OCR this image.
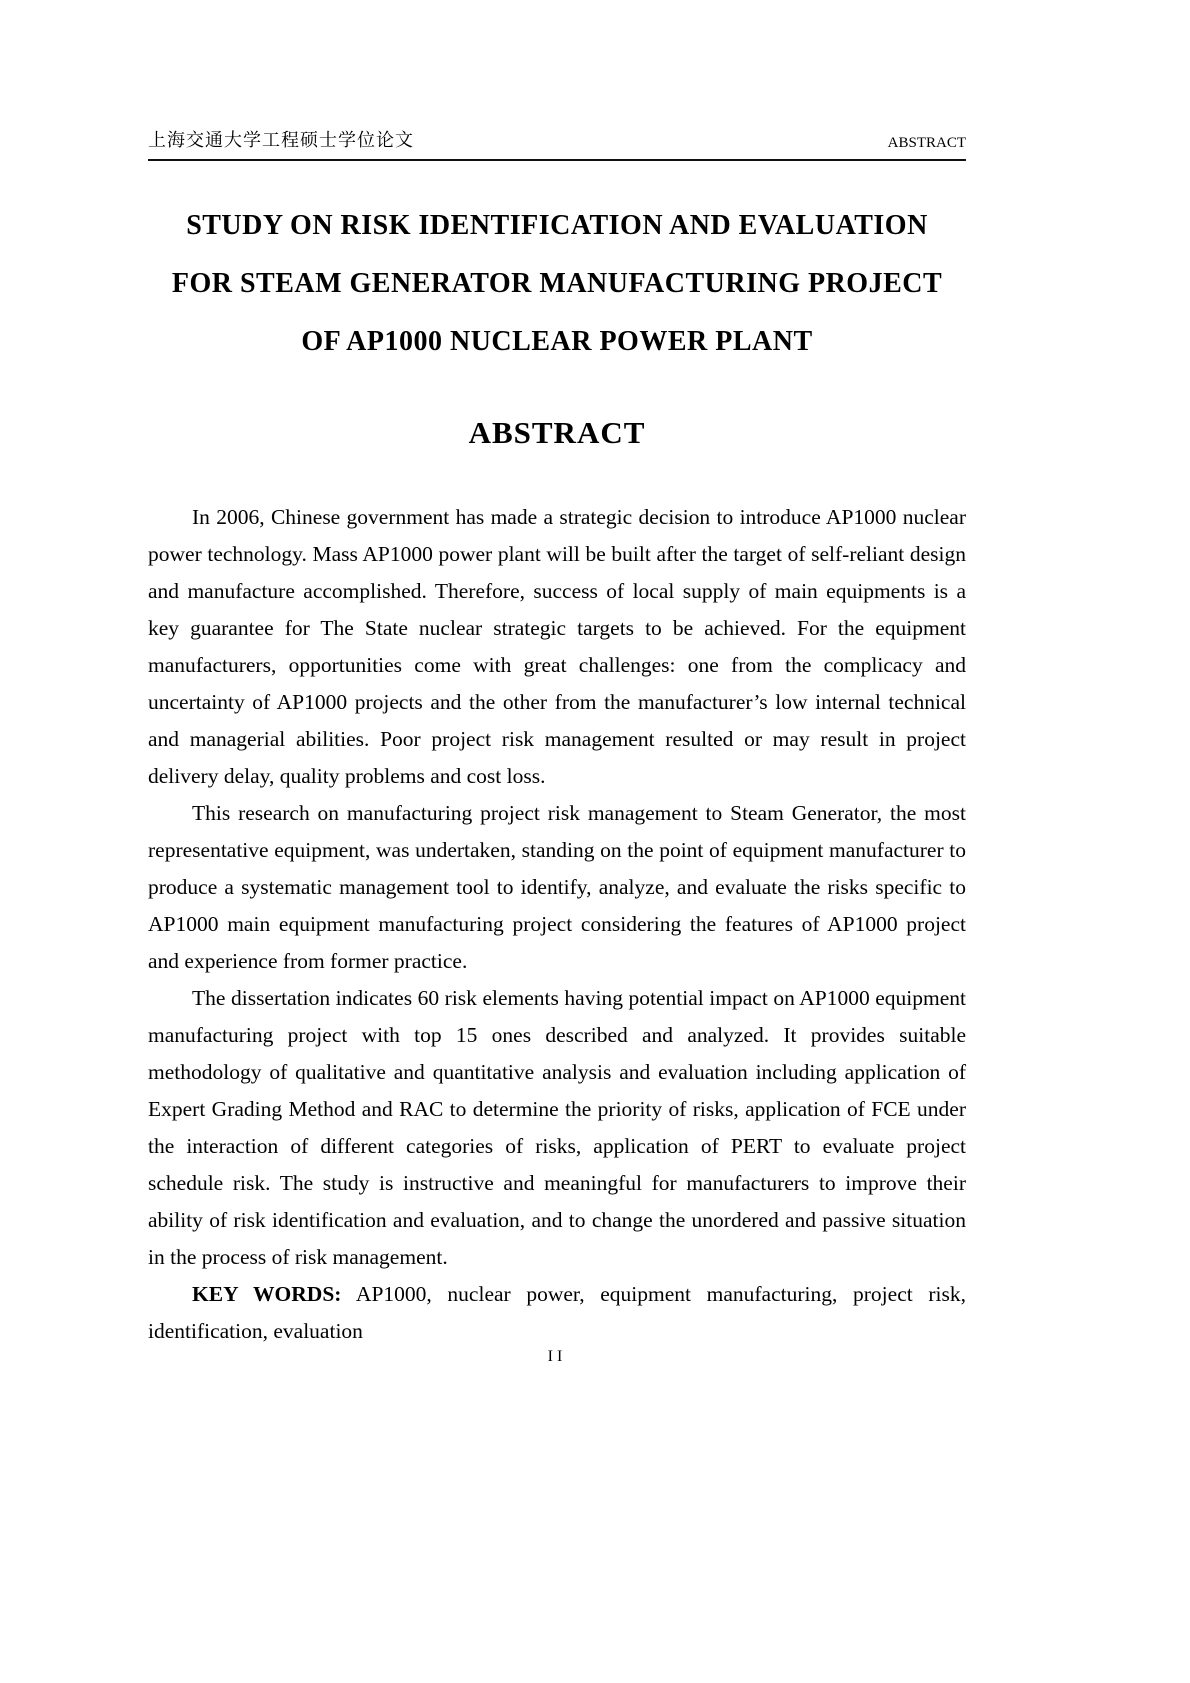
上海交通大学工程硕士学位论文	ABSTRACT
STUDY ON RISK IDENTIFICATION AND EVALUATION
FOR STEAM GENERATOR MANUFACTURING PROJECT
OF AP1000 NUCLEAR POWER PLANT
ABSTRACT

In 2006, Chinese government has made a strategic decision to introduce AP1000 nuclear power technology. Mass AP1000 power plant will be built after the target of self-reliant design and manufacture accomplished. Therefore, success of local supply of main equipments is a key guarantee for The State nuclear strategic targets to be achieved. For the equipment manufacturers, opportunities come with great challenges: one from the complicacy and uncertainty of AP1000 projects and the other from the manufacturer’s low internal technical and managerial abilities. Poor project risk management resulted or may result in project delivery delay, quality problems and cost loss.

This research on manufacturing project risk management to Steam Generator, the most representative equipment, was undertaken, standing on the point of equipment manufacturer to produce a systematic management tool to identify, analyze, and evaluate the risks specific to AP1000 main equipment manufacturing project considering the features of AP1000 project and experience from former practice.

The dissertation indicates 60 risk elements having potential impact on AP1000 equipment manufacturing project with top 15 ones described and analyzed. It provides suitable methodology of qualitative and quantitative analysis and evaluation including application of Expert Grading Method and RAC to determine the priority of risks, application of FCE under the interaction of different categories of risks, application of PERT to evaluate project schedule risk. The study is instructive and meaningful for manufacturers to improve their ability of risk identification and evaluation, and to change the unordered and passive situation in the process of risk management.

KEY WORDS: AP1000, nuclear power, equipment manufacturing, project risk, identification, evaluation

II
